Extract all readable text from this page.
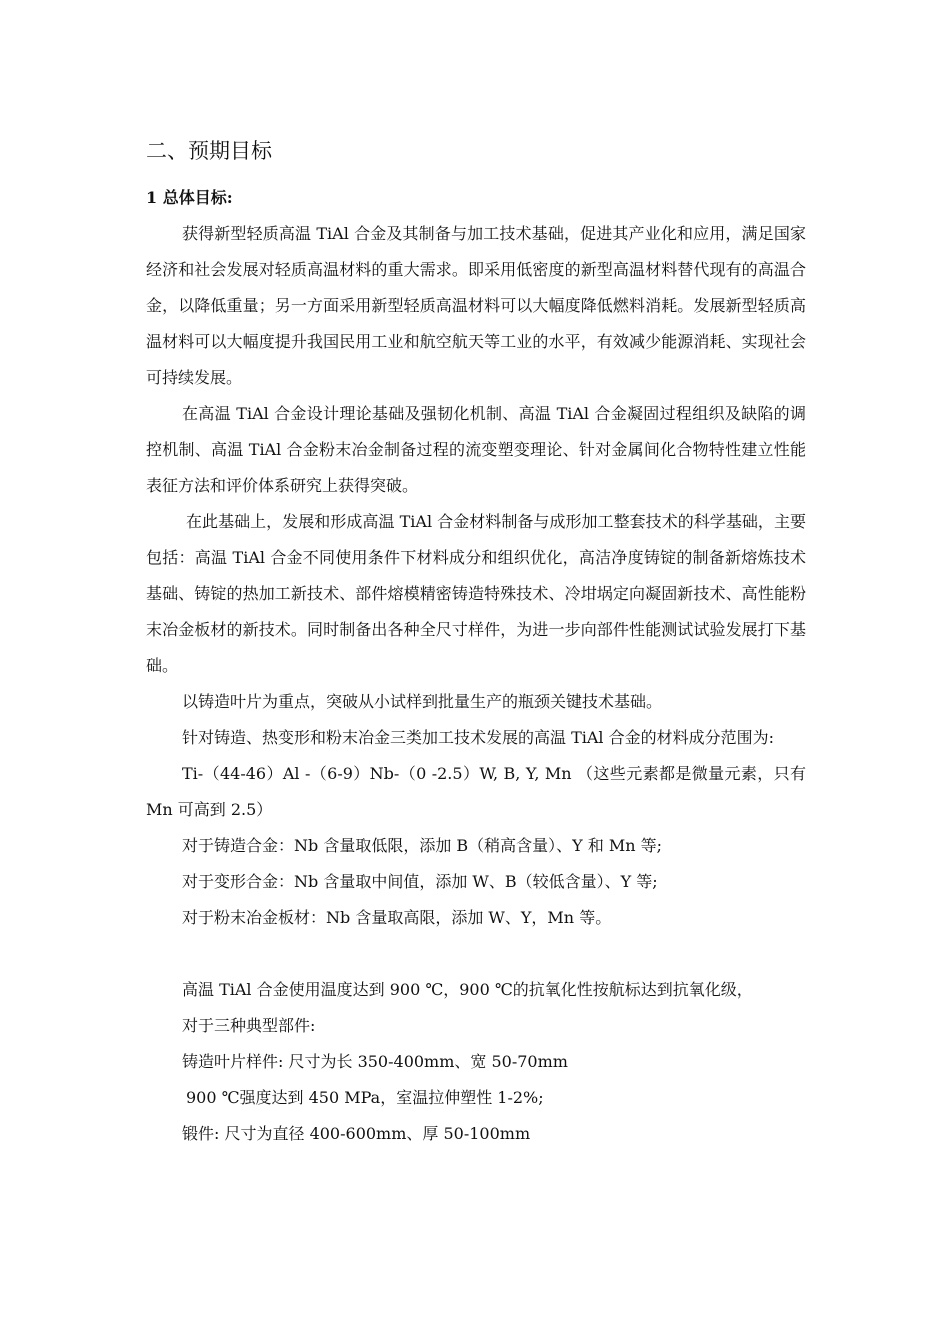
二、预期目标
1 总体目标:

获得新型轻质高温 TiAl 合金及其制备与加工技术基础，促进其产业化和应用，满足国家经济和社会发展对轻质高温材料的重大需求。即采用低密度的新型高温材料替代现有的高温合金，以降低重量；另一方面采用新型轻质高温材料可以大幅度降低燃料消耗。发展新型轻质高温材料可以大幅度提升我国民用工业和航空航天等工业的水平，有效减少能源消耗、实现社会可持续发展。

在高温 TiAl 合金设计理论基础及强韧化机制、高温 TiAl 合金凝固过程组织及缺陷的调控机制、高温 TiAl 合金粉末冶金制备过程的流变塑变理论、针对金属间化合物特性建立性能表征方法和评价体系研究上获得突破。

在此基础上，发展和形成高温 TiAl 合金材料制备与成形加工整套技术的科学基础，主要包括：高温 TiAl 合金不同使用条件下材料成分和组织优化，高洁净度铸锭的制备新熔炼技术基础、铸锭的热加工新技术、部件熔模精密铸造特殊技术、冷坩埚定向凝固新技术、高性能粉末冶金板材的新技术。同时制备出各种全尺寸样件，为进一步向部件性能测试试验发展打下基础。

以铸造叶片为重点，突破从小试样到批量生产的瓶颈关键技术基础。

针对铸造、热变形和粉末冶金三类加工技术发展的高温 TiAl 合金的材料成分范围为:

Ti-（44-46）Al -（6-9）Nb-（0 -2.5）W, B, Y, Mn （这些元素都是微量元素，只有 Mn 可高到 2.5）

对于铸造合金：Nb 含量取低限，添加 B（稍高含量）、Y 和 Mn 等;

对于变形合金：Nb 含量取中间值，添加 W、B（较低含量）、Y 等;

对于粉末冶金板材：Nb 含量取高限，添加 W、Y，Mn 等。

高温 TiAl 合金使用温度达到 900 ℃，900 ℃的抗氧化性按航标达到抗氧化级，

对于三种典型部件:

铸造叶片样件: 尺寸为长 350-400mm、宽 50-70mm

900 ℃强度达到 450 MPa，室温拉伸塑性 1-2%;

锻件: 尺寸为直径 400-600mm、厚 50-100mm
